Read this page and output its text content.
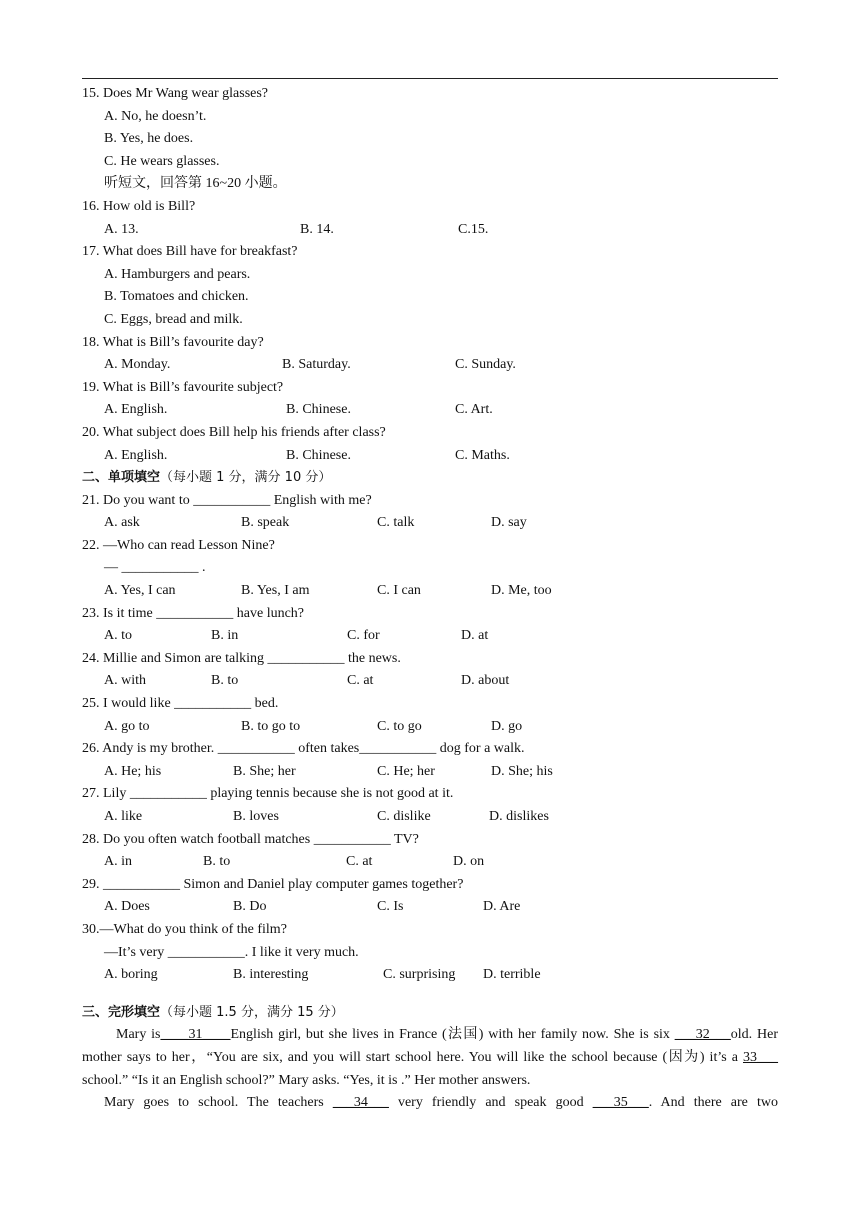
15. Does Mr Wang wear glasses?
A. No, he doesn’t.
B. Yes, he does.
C. He wears glasses.
听短文，回答第 16~20 小题。
16. How old is Bill?
A. 13.	B. 14.	C.15.
17. What does Bill have for breakfast?
A. Hamburgers and pears.
B. Tomatoes and chicken.
C. Eggs, bread and milk.
18. What is Bill’s favourite day?
A. Monday.	B. Saturday.	C. Sunday.
19. What is Bill’s favourite subject?
A. English.	B. Chinese.	C. Art.
20. What subject does Bill help his friends after class?
A. English.	B. Chinese.	C. Maths.
二、单项填空（每小题 1 分，满分 10 分）
21. Do you want to ___________ English with me?
A. ask	B. speak	C. talk	D. say
22. —Who can read Lesson Nine?
— ___________ .
A. Yes, I can	B. Yes, I am	C. I can	D. Me, too
23. Is it time ___________ have lunch?
A. to	B. in	C. for	D. at
24. Millie and Simon are talking ___________ the news.
A. with	B. to	C. at	D. about
25. I would like ___________ bed.
A. go to	B. to go to	C. to go	D. go
26. Andy is my brother. ___________ often takes___________ dog for a walk.
A. He; his	B. She; her	C. He; her	D. She; his
27. Lily ___________ playing tennis because she is not good at it.
A. like	B. loves	C. dislike	D. dislikes
28. Do you often watch football matches ___________ TV?
A. in	B. to	C. at	D. on
29. ___________ Simon and Daniel play computer games together?
A. Does	B. Do	C. Is	D. Are
30.—What do you think of the film?
—It’s very ___________. I like it very much.
A. boring	B. interesting	C. surprising D. terrible
三、完形填空（每小题 1.5 分，满分 15 分）
Mary is____31____English girl, but she lives in France (法国) with her family now. She is six ___32___old. Her mother says to her，“You are six, and you will start school here. You will like the school because (因为) it’s a 33___ school.” “Is it an English school?” Mary asks. “Yes, it is .” Her mother answers.
Mary goes to school. The teachers ___34___ very friendly and speak good ___35___. And there are two
